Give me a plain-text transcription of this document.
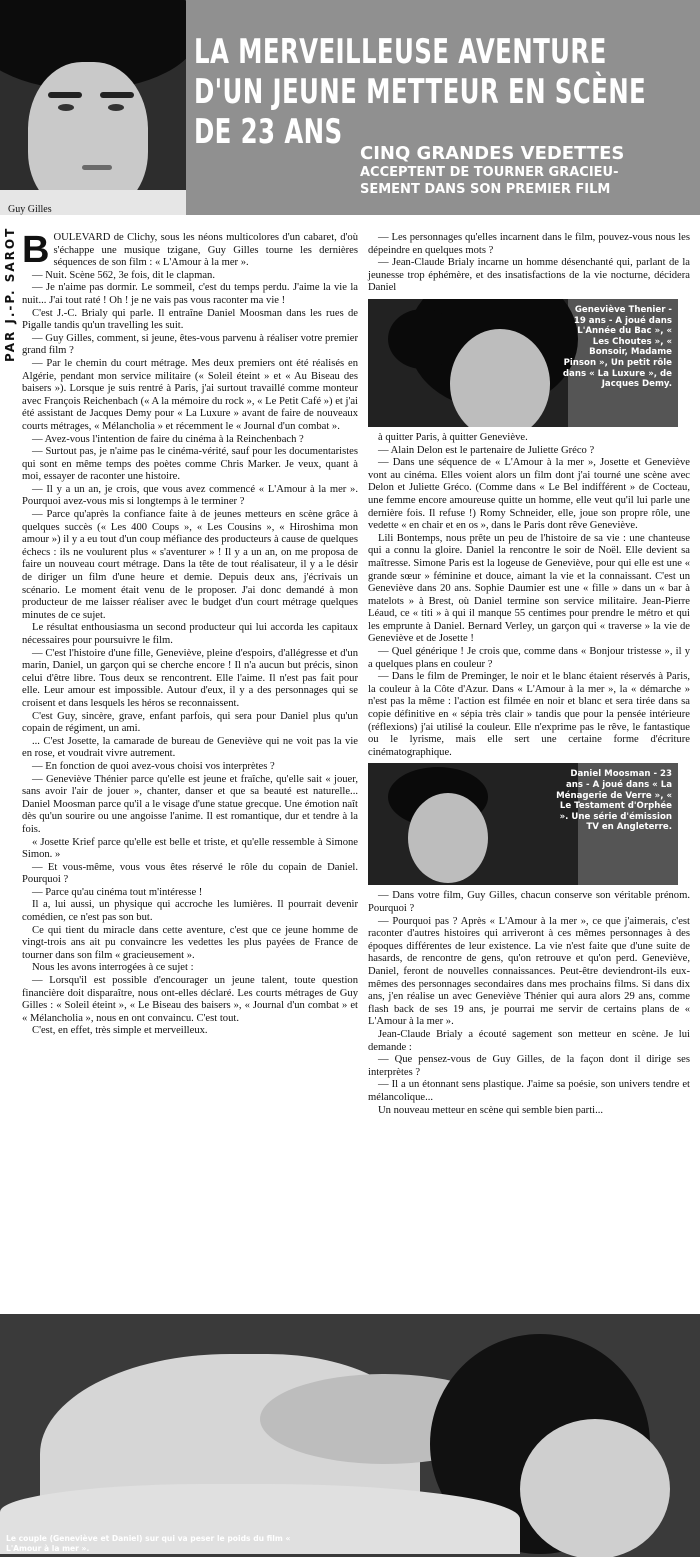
Guy Gilles
LA MERVEILLEUSE AVENTURE
D'UN JEUNE METTEUR EN SCÈNE
DE 23 ANS
CINQ GRANDES VEDETTES
ACCEPTENT DE TOURNER GRACIEU-
SEMENT DANS SON PREMIER FILM
PAR J.-P. SAROT BOULEVARD de Clichy, sous les néons multicolores d'un cabaret, d'où s'échappe une musique tzigane, Guy Gilles tourne les dernières séquences de son film : « L'Amour à la mer ».

— Nuit. Scène 562, 3e fois, dit le clapman.

— Je n'aime pas dormir. Le sommeil, c'est du temps perdu. J'aime la vie la nuit... J'ai tout raté ! Oh ! je ne vais pas vous raconter ma vie !

C'est J.-C. Brialy qui parle. Il entraîne Daniel Moosman dans les rues de Pigalle tandis qu'un travelling les suit.

— Guy Gilles, comment, si jeune, êtes-vous parvenu à réaliser votre premier grand film ?

— Par le chemin du court métrage. Mes deux premiers ont été réalisés en Algérie, pendant mon service militaire (« Soleil éteint » et « Au Biseau des baisers »). Lorsque je suis rentré à Paris, j'ai surtout travaillé comme monteur avec François Reichenbach (« A la mémoire du rock », « Le Petit Café ») et j'ai été assistant de Jacques Demy pour « La Luxure » avant de faire de nouveaux courts métrages, « Mélancholia » et récemment le « Journal d'un combat ».

— Avez-vous l'intention de faire du cinéma à la Reinchenbach ?

— Surtout pas, je n'aime pas le cinéma-vérité, sauf pour les documentaristes qui sont en même temps des poètes comme Chris Marker. Je veux, quant à moi, essayer de raconter une histoire.

— Il y a un an, je crois, que vous avez commencé « L'Amour à la mer ». Pourquoi avez-vous mis si longtemps à le terminer ?

— Parce qu'après la confiance faite à de jeunes metteurs en scène grâce à quelques succès (« Les 400 Coups », « Les Cousins », « Hiroshima mon amour ») il y a eu tout d'un coup méfiance des producteurs à cause de quelques échecs : ils ne voulurent plus « s'aventurer » ! Il y a un an, on me proposa de faire un nouveau court métrage. Dans la tête de tout réalisateur, il y a le désir de diriger un film d'une heure et demie. Depuis deux ans, j'écrivais un scénario. Le moment était venu de le proposer. J'ai donc demandé à mon producteur de me laisser réaliser avec le budget d'un court métrage quelques minutes de ce sujet.

Le résultat enthousiasma un second producteur qui lui accorda les capitaux nécessaires pour poursuivre le film.

— C'est l'histoire d'une fille, Geneviève, pleine d'espoirs, d'allégresse et d'un marin, Daniel, un garçon qui se cherche encore ! Il n'a aucun but précis, sinon celui d'être libre. Tous deux se rencontrent. Elle l'aime. Il n'est pas fait pour elle. Leur amour est impossible. Autour d'eux, il y a des personnages qui se croisent et dans lesquels les héros se reconnaissent.

C'est Guy, sincère, grave, enfant parfois, qui sera pour Daniel plus qu'un copain de régiment, un ami.

... C'est Josette, la camarade de bureau de Geneviève qui ne voit pas la vie en rose, et voudrait vivre autrement.

— En fonction de quoi avez-vous choisi vos interprètes ?

— Geneviève Thénier parce qu'elle est jeune et fraîche, qu'elle sait « jouer, sans avoir l'air de jouer », chanter, danser et que sa beauté est naturelle... Daniel Moosman parce qu'il a le visage d'une statue grecque. Une émotion naît dès qu'un sourire ou une angoisse l'anime. Il est romantique, dur et tendre à la fois.

« Josette Krief parce qu'elle est belle et triste, et qu'elle ressemble à Simone Simon. »

— Et vous-même, vous vous êtes réservé le rôle du copain de Daniel. Pourquoi ?

— Parce qu'au cinéma tout m'intéresse !

Il a, lui aussi, un physique qui accroche les lumières. Il pourrait devenir comédien, ce n'est pas son but.

Ce qui tient du miracle dans cette aventure, c'est que ce jeune homme de vingt-trois ans ait pu convaincre les vedettes les plus payées de France de tourner dans son film « gracieusement ».

Nous les avons interrogées à ce sujet :

— Lorsqu'il est possible d'encourager un jeune talent, toute question financière doit disparaître, nous ont-elles déclaré. Les courts métrages de Guy Gilles : « Soleil éteint », « Le Biseau des baisers », « Journal d'un combat » et « Mélancholia », nous en ont convaincu. C'est tout.

C'est, en effet, très simple et merveilleux.

— Les personnages qu'elles incarnent dans le film, pouvez-vous nous les dépeindre en quelques mots ?

— Jean-Claude Brialy incarne un homme désenchanté qui, parlant de la jeunesse trop éphémère, et des insatisfactions de la vie nocturne, décidera Daniel

Geneviève Thenier - 19 ans - A joué dans L'Année du Bac », « Les Choutes », « Bonsoir, Madame Pinson », Un petit rôle dans « La Luxure », de Jacques Demy.

à quitter Paris, à quitter Geneviève.

— Alain Delon est le partenaire de Juliette Gréco ?

— Dans une séquence de « L'Amour à la mer », Josette et Geneviève vont au cinéma. Elles voient alors un film dont j'ai tourné une scène avec Delon et Juliette Gréco. (Comme dans « Le Bel indifférent » de Cocteau, une femme encore amoureuse quitte un homme, elle veut qu'il lui parle une dernière fois. Il refuse !) Romy Schneider, elle, joue son propre rôle, une vedette « en chair et en os », dans le Paris dont rêve Geneviève.

Lili Bontemps, nous prête un peu de l'histoire de sa vie : une chanteuse qui a connu la gloire. Daniel la rencontre le soir de Noël. Elle devient sa maîtresse. Simone Paris est la logeuse de Geneviève, pour qui elle est une « grande sœur » féminine et douce, aimant la vie et la connaissant. C'est un Geneviève dans 20 ans. Sophie Daumier est une « fille » dans un « bar à matelots » à Brest, où Daniel termine son service militaire. Jean-Pierre Léaud, ce « titi » à qui il manque 55 centimes pour prendre le métro et qui les emprunte à Daniel. Bernard Verley, un garçon qui « traverse » la vie de Geneviève et de Josette !

— Quel générique ! Je crois que, comme dans « Bonjour tristesse », il y a quelques plans en couleur ?

— Dans le film de Preminger, le noir et le blanc étaient réservés à Paris, la couleur à la Côte d'Azur. Dans « L'Amour à la mer », la « démarche » n'est pas la même : l'action est filmée en noir et blanc et sera tirée dans sa copie définitive en « sépia très clair » tandis que pour la pensée intérieure (réflexions) j'ai utilisé la couleur. Elle n'exprime pas le rêve, le fantastique ou le lyrisme, mais elle sert une certaine forme d'écriture cinématographique.

Daniel Moosman - 23 ans - A joué dans « La Ménagerie de Verre », « Le Testament d'Orphée ». Une série d'émission TV en Angleterre.

— Dans votre film, Guy Gilles, chacun conserve son véritable prénom. Pourquoi ?

— Pourquoi pas ? Après « L'Amour à la mer », ce que j'aimerais, c'est raconter d'autres histoires qui arriveront à ces mêmes personnages à des époques différentes de leur existence. La vie n'est faite que d'une suite de hasards, de rencontre de gens, qu'on retrouve et qu'on perd. Geneviève, Daniel, feront de nouvelles connaissances. Peut-être deviendront-ils eux-mêmes des personnages secondaires dans mes prochains films. Si dans dix ans, j'en réalise un avec Geneviève Thénier qui aura alors 29 ans, comme flash back de ses 19 ans, je pourrai me servir de certains plans de « L'Amour à la mer ».

Jean-Claude Brialy a écouté sagement son metteur en scène. Je lui demande :

— Que pensez-vous de Guy Gilles, de la façon dont il dirige ses interprètes ?

— Il a un étonnant sens plastique. J'aime sa poésie, son univers tendre et mélancolique...

Un nouveau metteur en scène qui semble bien parti...

Le couple (Geneviève et Daniel) sur qui va peser le poids du film « L'Amour à la mer ».
